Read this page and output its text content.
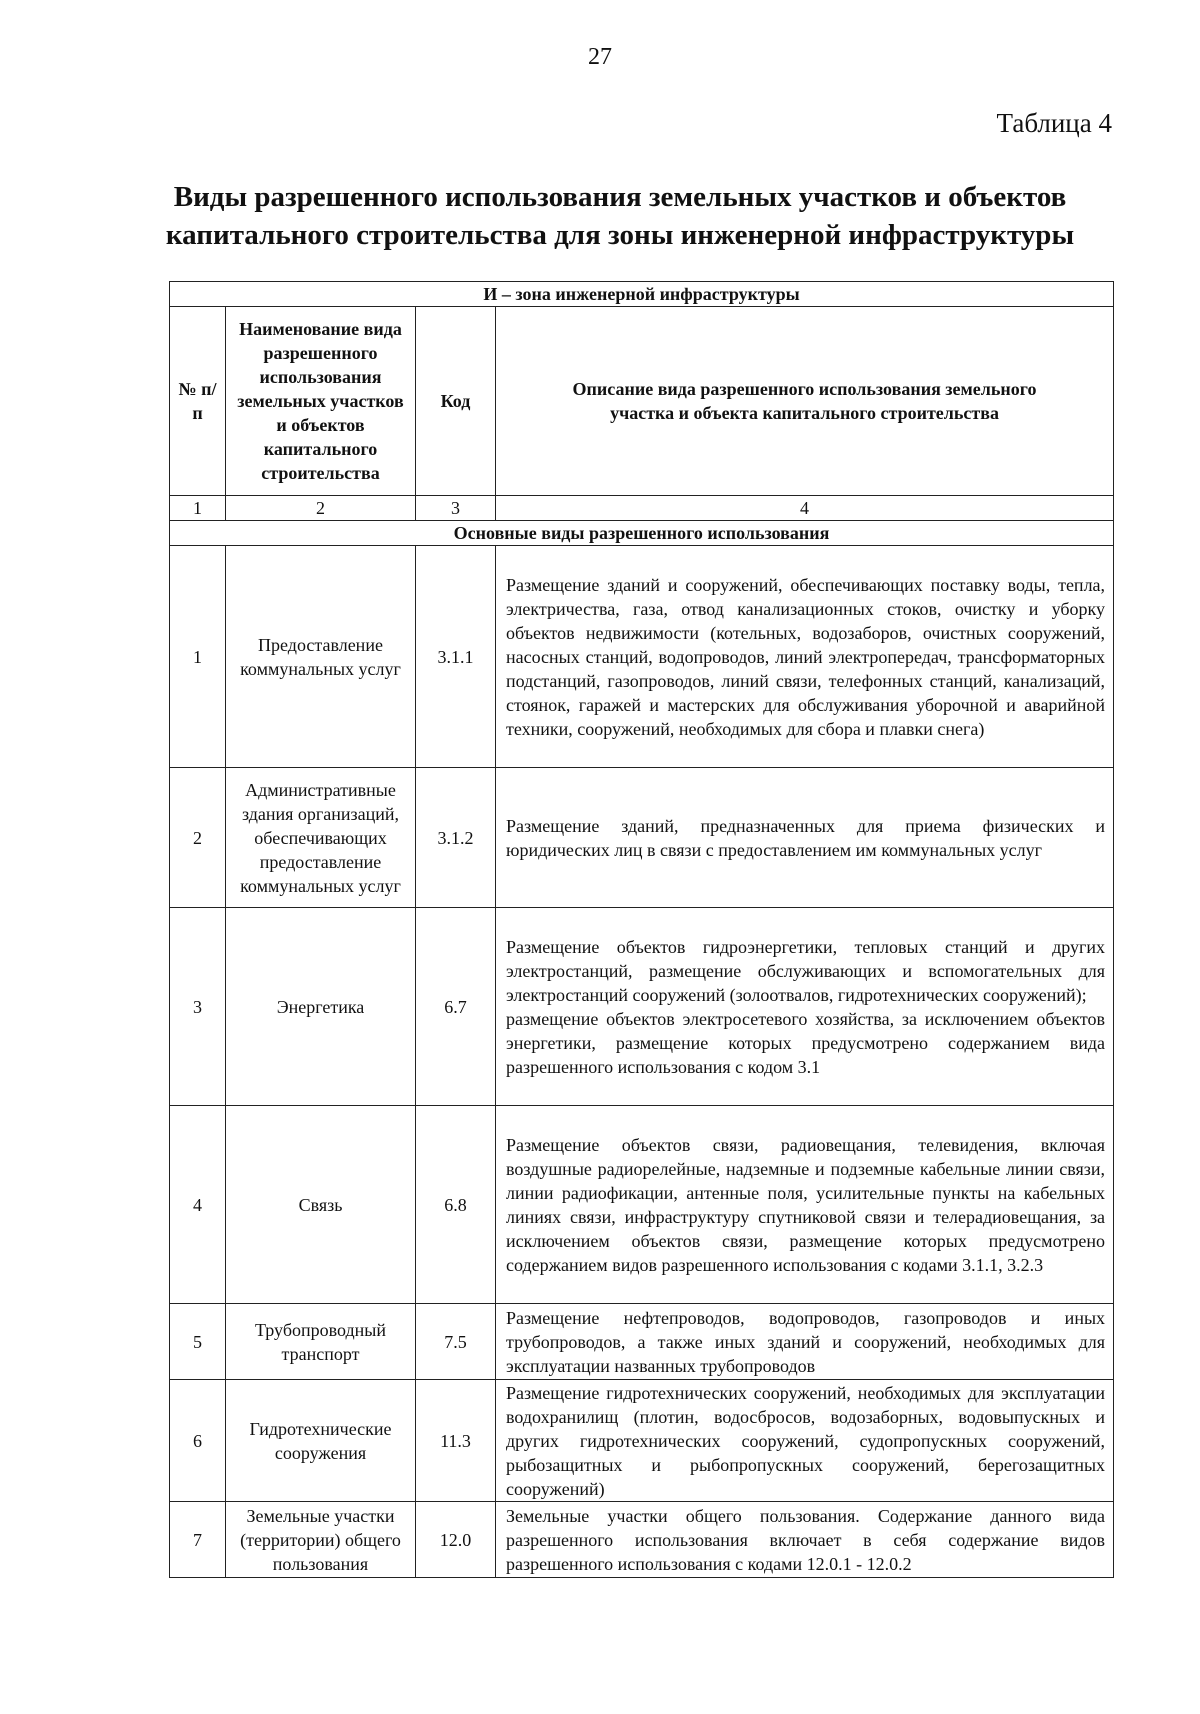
27
Таблица 4
Виды разрешенного использования земельных участков и объектов
капитального строительства для зоны инженерной инфраструктуры
И – зона инженерной инфраструктуры			
№ п/п	Наименование вида разрешенного использования земельных участков и объектов капитального строительства	Код	Описание вида разрешенного использования земельного участка и объекта капитального строительства
1	2	3	4
Основные виды разрешенного использования			
1	Предоставление коммунальных услуг	3.1.1	Размещение зданий и сооружений, обеспечивающих поставку воды, тепла, электричества, газа, отвод канализационных стоков, очистку и уборку объектов недвижимости (котельных, водозаборов, очистных сооружений, насосных станций, водопроводов, линий электропередач, трансформаторных подстанций, газопроводов, линий связи, телефонных станций, канализаций, стоянок, гаражей и мастерских для обслуживания уборочной и аварийной техники, сооружений, необходимых для сбора и плавки снега)
2	Административные здания организаций, обеспечивающих предоставление коммунальных услуг	3.1.2	Размещение зданий, предназначенных для приема физических и юридических лиц в связи с предоставлением им коммунальных услуг
3	Энергетика	6.7	Размещение объектов гидроэнергетики, тепловых станций и других электростанций, размещение обслуживающих и вспомогательных для электростанций сооружений (золоотвалов, гидротехнических сооружений);
размещение объектов электросетевого хозяйства, за исключением объектов энергетики, размещение которых предусмотрено содержанием вида разрешенного использования с кодом 3.1

4	Связь	6.8	Размещение объектов связи, радиовещания, телевидения, включая воздушные радиорелейные, надземные и подземные кабельные линии связи, линии радиофикации, антенные поля, усилительные пункты на кабельных линиях связи, инфраструктуру спутниковой связи и телерадиовещания, за исключением объектов связи, размещение которых предусмотрено содержанием видов разрешенного использования с кодами 3.1.1, 3.2.3
5	Трубопроводный транспорт	7.5	Размещение нефтепроводов, водопроводов, газопроводов и иных трубопроводов, а также иных зданий и сооружений, необходимых для эксплуатации названных трубопроводов
6	Гидротехнические сооружения	11.3	Размещение гидротехнических сооружений, необходимых для эксплуатации водохранилищ (плотин, водосбросов, водозаборных, водовыпускных и других гидротехнических сооружений, судопропускных сооружений, рыбозащитных и рыбопропускных сооружений, берегозащитных сооружений)
7	Земельные участки (территории) общего пользования	12.0	Земельные участки общего пользования. Содержание данного вида разрешенного использования включает в себя содержание видов разрешенного использования с кодами 12.0.1 - 12.0.2
